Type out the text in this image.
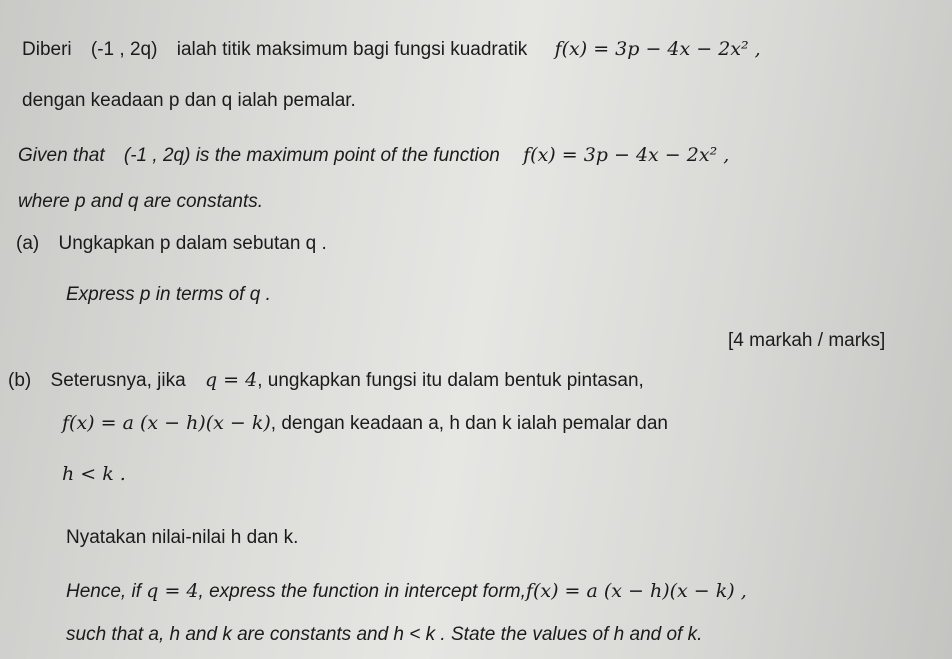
Diberi (-1 , 2q) ialah titik maksimum bagi fungsi kuadratik f(x) = 3p − 4x − 2x² ,
dengan keadaan p dan q ialah pemalar.
Given that (-1 , 2q) is the maximum point of the function f(x) = 3p − 4x − 2x² ,
where p and q are constants.
(a) Ungkapkan p dalam sebutan q .
Express p in terms of q .
[4 markah / marks]
(b) Seterusnya, jika q = 4, ungkapkan fungsi itu dalam bentuk pintasan,
f(x) = a (x − h)(x − k), dengan keadaan a, h dan k ialah pemalar dan
h < k .
Nyatakan nilai-nilai h dan k.
Hence, if q = 4, express the function in intercept form,f(x) = a (x − h)(x − k) ,
such that a, h and k are constants and h < k . State the values of h and of k.
